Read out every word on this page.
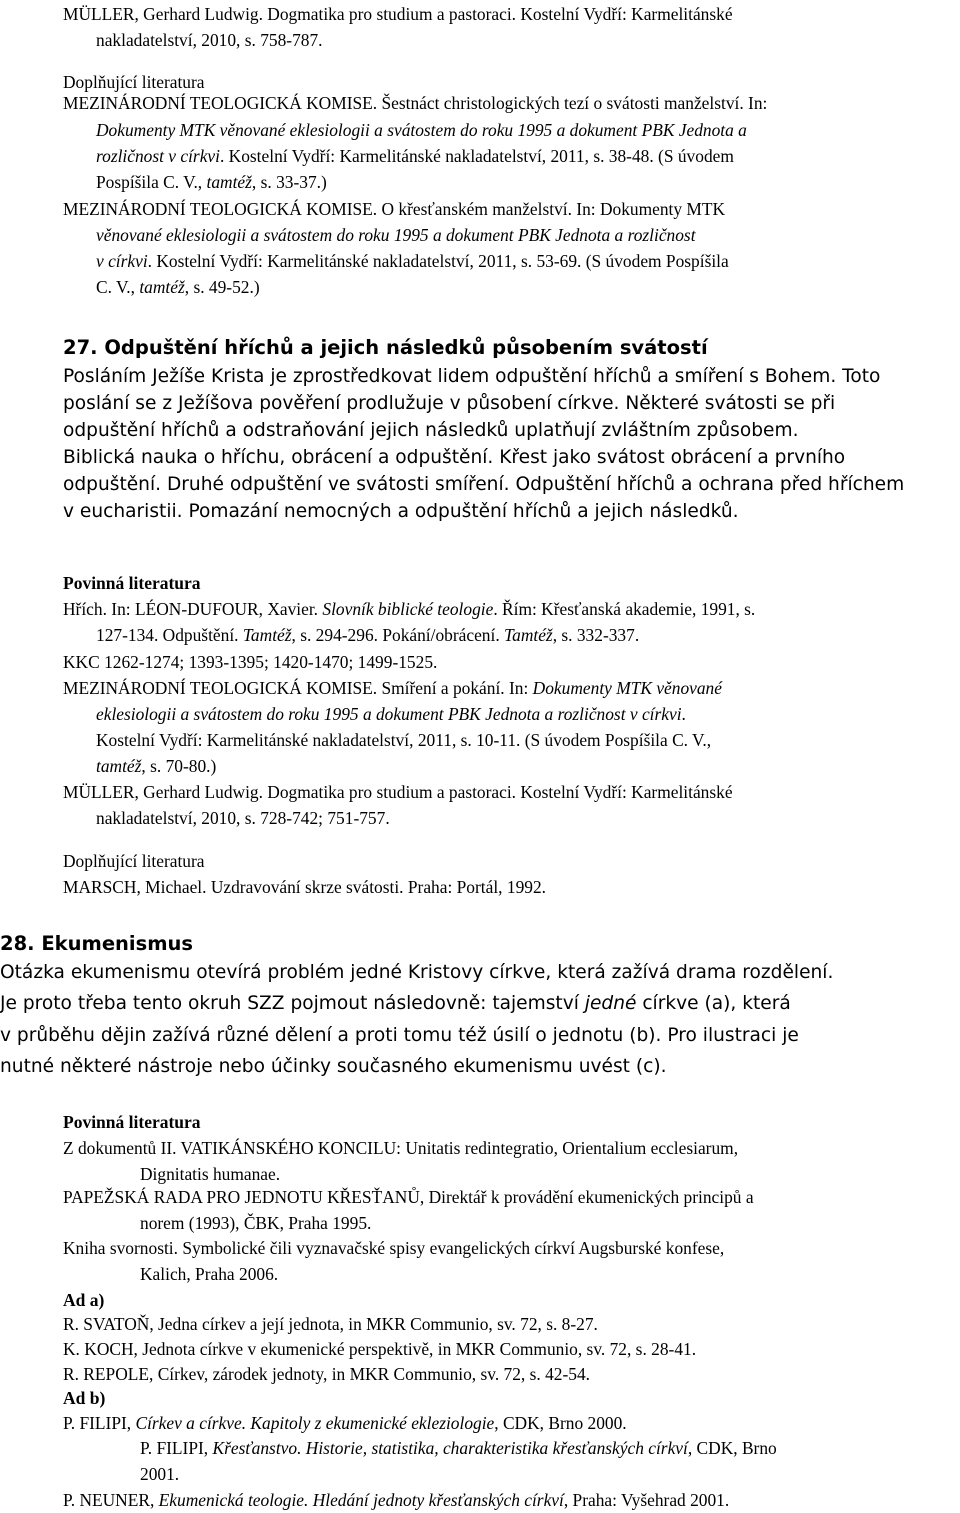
MÜLLER, Gerhard Ludwig. Dogmatika pro studium a pastoraci. Kostelní Vydří: Karmelitánské
nakladatelství, 2010, s. 758-787.
Doplňující literatura
MEZINÁRODNÍ TEOLOGICKÁ KOMISE. Šestnáct christologických tezí o svátosti manželství. In:
Dokumenty MTK věnované eklesiologii a svátostem do roku 1995 a dokument PBK Jednota a
rozličnost v církvi. Kostelní Vydří: Karmelitánské nakladatelství, 2011, s. 38-48. (S úvodem
Pospíšila C. V., tamtéž, s. 33-37.)
MEZINÁRODNÍ TEOLOGICKÁ KOMISE. O křesťanském manželství. In: Dokumenty MTK
věnované eklesiologii a svátostem do roku 1995 a dokument PBK Jednota a rozličnost
v církvi. Kostelní Vydří: Karmelitánské nakladatelství, 2011, s. 53-69. (S úvodem Pospíšila
C. V., tamtéž, s. 49-52.)
27. Odpuštění hříchů a jejich následků působením svátostí
Posláním Ježíše Krista je zprostředkovat lidem odpuštění hříchů a smíření s Bohem. Toto
poslání se z Ježíšova pověření prodlužuje v působení církve. Některé svátosti se při
odpuštění hříchů a odstraňování jejich následků uplatňují zvláštním způsobem.
Biblická nauka o hříchu, obrácení a odpuštění. Křest jako svátost obrácení a prvního
odpuštění. Druhé odpuštění ve svátosti smíření. Odpuštění hříchů a ochrana před hříchem
v eucharistii. Pomazání nemocných a odpuštění hříchů a jejich následků.
Povinná literatura
Hřích. In: LÉON-DUFOUR, Xavier. Slovník biblické teologie. Řím: Křesťanská akademie, 1991, s.
127-134. Odpuštění. Tamtéž, s. 294-296. Pokání/obrácení. Tamtéž, s. 332-337.
KKC 1262-1274; 1393-1395; 1420-1470; 1499-1525.
MEZINÁRODNÍ TEOLOGICKÁ KOMISE. Smíření a pokání. In: Dokumenty MTK věnované
eklesiologii a svátostem do roku 1995 a dokument PBK Jednota a rozličnost v církvi.
Kostelní Vydří: Karmelitánské nakladatelství, 2011, s. 10-11. (S úvodem Pospíšila C. V.,
tamtéž, s. 70-80.)
MÜLLER, Gerhard Ludwig. Dogmatika pro studium a pastoraci. Kostelní Vydří: Karmelitánské
nakladatelství, 2010, s. 728-742; 751-757.
Doplňující literatura
MARSCH, Michael. Uzdravování skrze svátosti. Praha: Portál, 1992.
28. Ekumenismus
Otázka ekumenismu otevírá problém jedné Kristovy církve, která zažívá drama rozdělení.
Je proto třeba tento okruh SZZ pojmout následovně: tajemství jedné církve (a), která
v průběhu dějin zažívá různé dělení a proti tomu též úsilí o jednotu (b). Pro ilustraci je
nutné některé nástroje nebo účinky současného ekumenismu uvést (c).
Povinná literatura
Z dokumentů II. VATIKÁNSKÉHO KONCILU: Unitatis redintegratio, Orientalium ecclesiarum,
Dignitatis humanae.
PAPEŽSKÁ RADA PRO JEDNOTU KŘESŤANŮ, Direktář k provádění ekumenických principů a
norem (1993), ČBK, Praha 1995.
Kniha svornosti. Symbolické čili vyznavačské spisy evangelických církví Augsburské konfese,
Kalich, Praha 2006.
Ad a)
R. SVATOŇ, Jedna církev a její jednota, in MKR Communio, sv. 72, s. 8-27.
K. KOCH, Jednota církve v ekumenické perspektivě, in MKR Communio, sv. 72, s. 28-41.
R. REPOLE, Církev, zárodek jednoty, in MKR Communio, sv. 72, s. 42-54.
Ad b)
P. FILIPI, Církev a církve. Kapitoly z ekumenické ekleziologie, CDK, Brno 2000.
P. FILIPI, Křesťanstvo. Historie, statistika, charakteristika křesťanských církví, CDK, Brno
2001.
P. NEUNER, Ekumenická teologie. Hledání jednoty křesťanských církví, Praha: Vyšehrad 2001.
